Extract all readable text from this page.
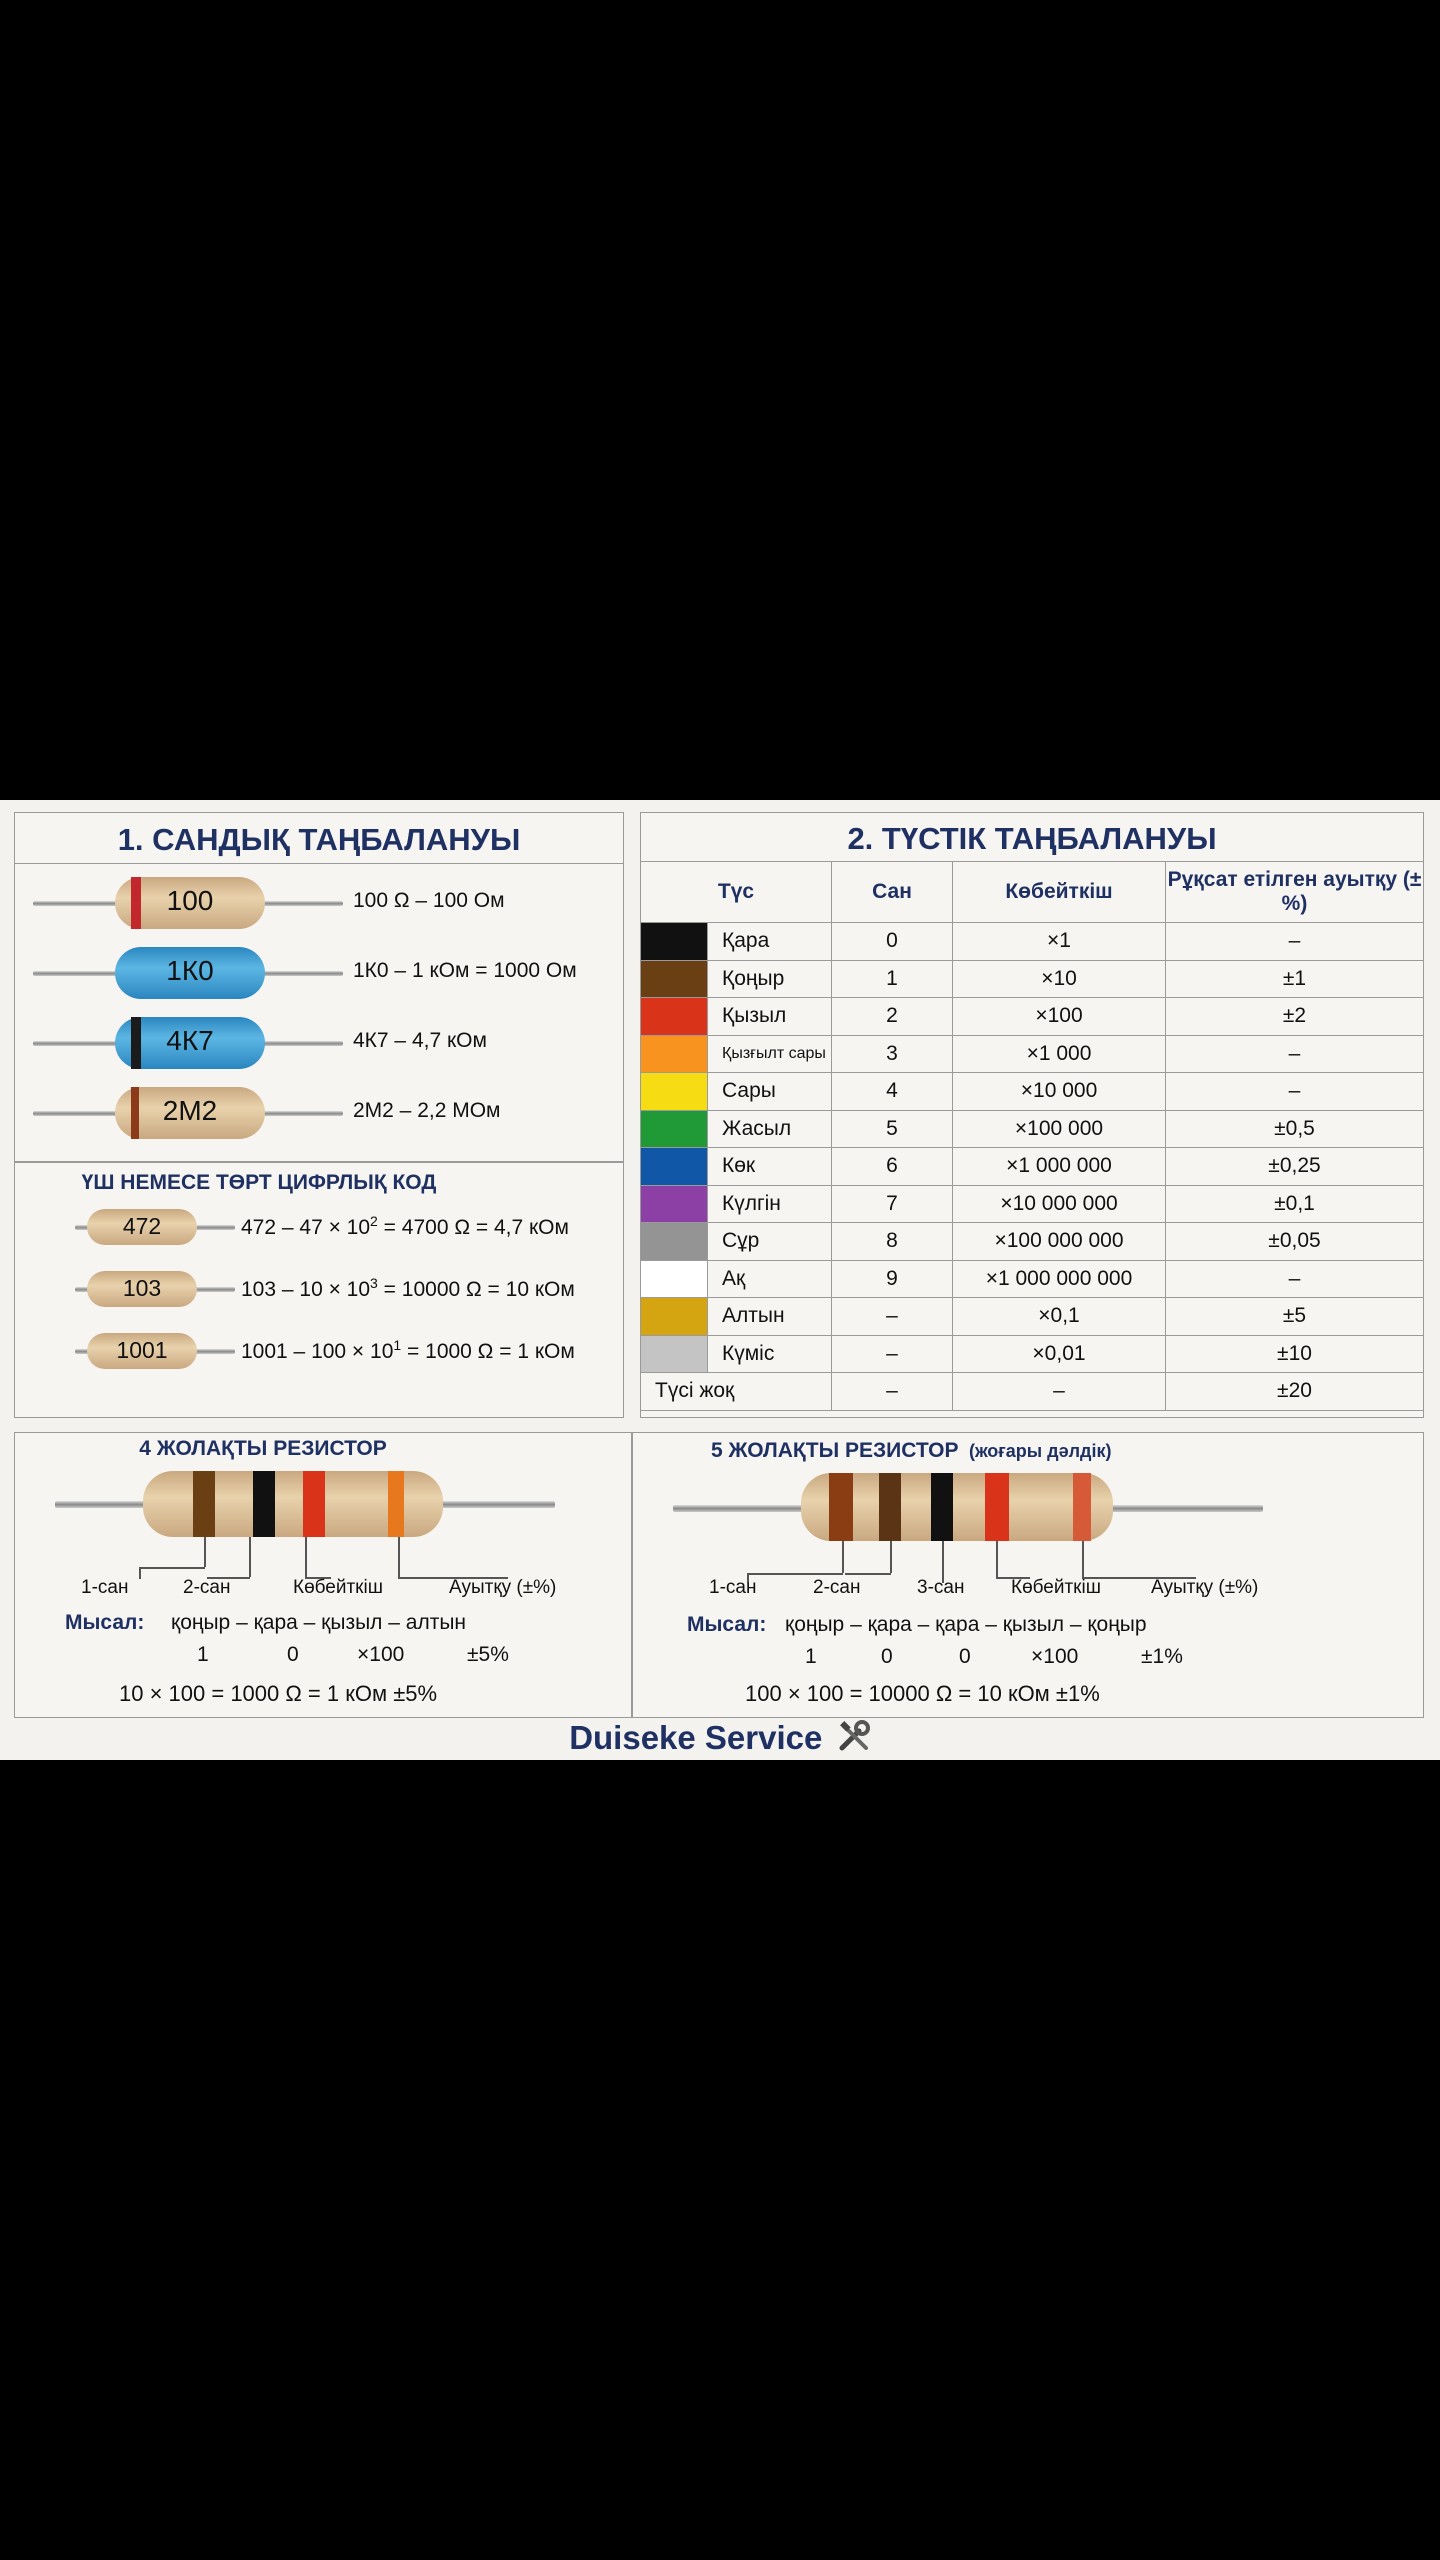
1. САНДЫҚ ТАҢБАЛАНУЫ
100	100 Ω – 100 Ом
1К0	1К0 – 1 кОм = 1000 Ом
4К7	4К7 – 4,7 кОм
2М2	2М2 – 2,2 МОм
ҮШ НЕМЕСЕ ТӨРТ ЦИФРЛЫҚ КОД
472	$472 - 47 \times 10^2 = 4700$ Ω = 4,7 кОм
103	$103 - 10 \times 10^3 = 10000$ Ω = 10 кОм
1001	$1001 - 100 \times 10^1 = 1000$ Ω = 1 кОм
2. ТҮСТІК ТАҢБАЛАНУЫ
Түс		Сан	Көбейткіш	Рұқсат етілген ауытқу (±%)
	Қара	0	×1	–
	Қоңыр	1	×10	±1
	Қызыл	2	×100	±2
	Қызғылт сары	3	×1 000	–
	Сары	4	×10 000	–
	Жасыл	5	×100 000	±0,5
	Көк	6	×1 000 000	±0,25
	Күлгін	7	×10 000 000	±0,1
	Сұр	8	×100 000 000	±0,05
	Ақ	9	×1 000 000 000	–
	Алтын	–	×0,1	±5
	Күміс	–	×0,01	±10
Түсі жоқ		–	–	±20
4 ЖОЛАҚТЫ РЕЗИСТОР
1-сан	2-сан	Көбейткіш	Ауытқу (±%)
Мысал: қоңыр – қара – қызыл – алтын
1	0	×100	±5%
10 × 100 = 1000 Ω = 1 кОм ±5%
5 ЖОЛАҚТЫ РЕЗИСТОР (жоғары дәлдік)
1-сан	2-сан	3-сан Көбейткіш	Ауытқу (±%)
Мысал: қоңыр – қара – қара – қызыл – қоңыр
1	0	0	×100	±1%
100 × 100 = 10000 Ω = 10 кОм ±1%
Duiseke Service
